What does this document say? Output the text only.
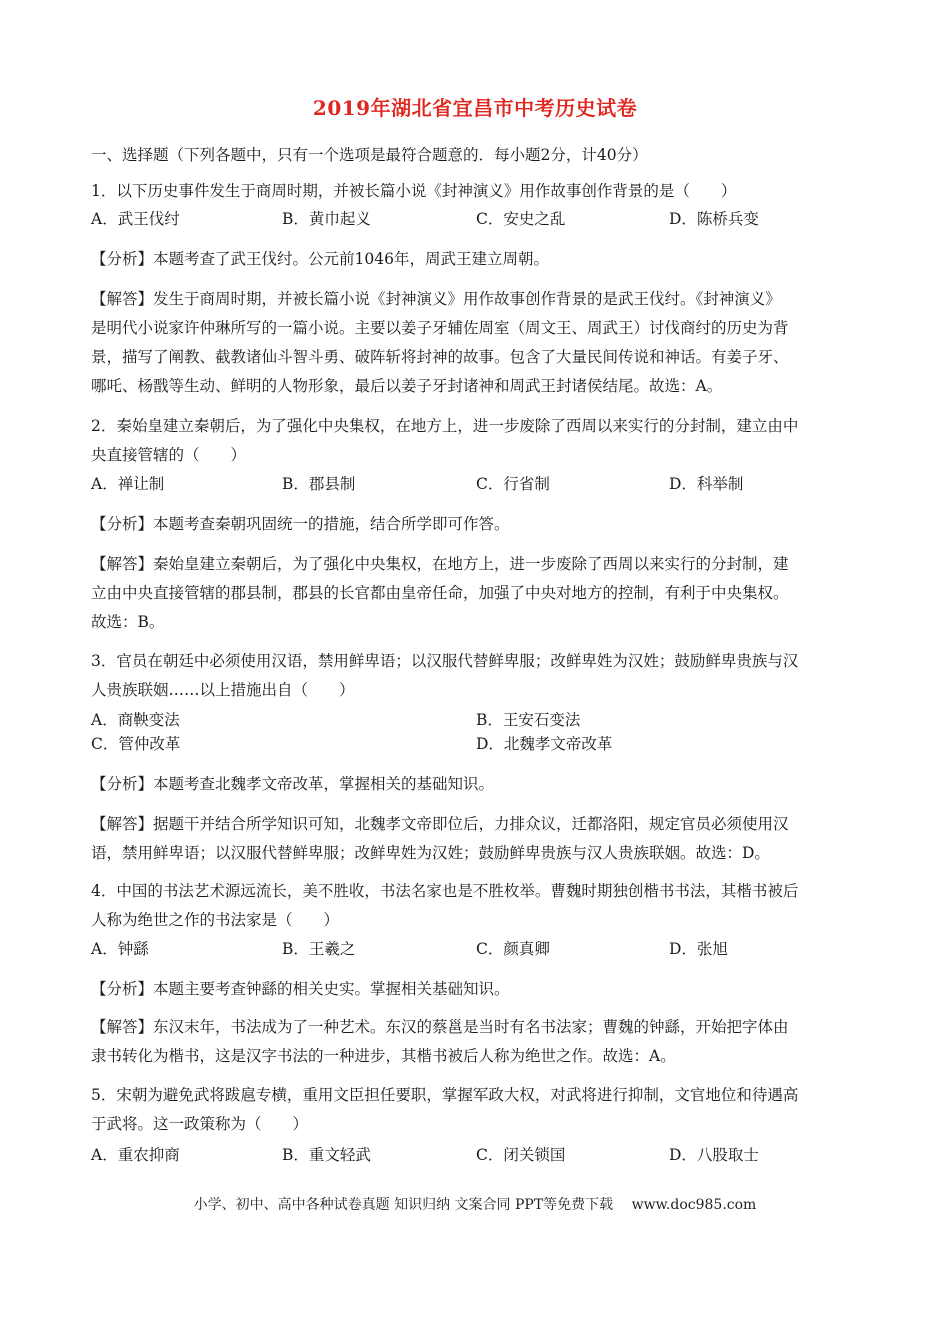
2019年湖北省宜昌市中考历史试卷
一、选择题（下列各题中，只有一个选项是最符合题意的．每小题2分，计40分）
1．以下历史事件发生于商周时期，并被长篇小说《封神演义》用作故事创作背景的是（　　）
A．武王伐纣	B．黄巾起义	C．安史之乱	D．陈桥兵变
【分析】本题考查了武王伐纣。公元前1046年，周武王建立周朝。
【解答】发生于商周时期，并被长篇小说《封神演义》用作故事创作背景的是武王伐纣。《封神演义》
是明代小说家许仲琳所写的一篇小说。主要以姜子牙辅佐周室（周文王、周武王）讨伐商纣的历史为背
景，描写了阐教、截教诸仙斗智斗勇、破阵斩将封神的故事。包含了大量民间传说和神话。有姜子牙、
哪吒、杨戬等生动、鲜明的人物形象，最后以姜子牙封诸神和周武王封诸侯结尾。故选：A。
2．秦始皇建立秦朝后，为了强化中央集权，在地方上，进一步废除了西周以来实行的分封制，建立由中
央直接管辖的（　　）
A．禅让制	B．郡县制	C．行省制	D．科举制
【分析】本题考查秦朝巩固统一的措施，结合所学即可作答。
【解答】秦始皇建立秦朝后，为了强化中央集权，在地方上，进一步废除了西周以来实行的分封制，建
立由中央直接管辖的郡县制，郡县的长官都由皇帝任命，加强了中央对地方的控制，有利于中央集权。
故选：B。
3．官员在朝廷中必须使用汉语，禁用鲜卑语；以汉服代替鲜卑服；改鲜卑姓为汉姓；鼓励鲜卑贵族与汉
人贵族联姻……以上措施出自（　　）
A．商鞅变法	B．王安石变法
C．管仲改革	D．北魏孝文帝改革
【分析】本题考查北魏孝文帝改革，掌握相关的基础知识。
【解答】据题干并结合所学知识可知，北魏孝文帝即位后，力排众议，迁都洛阳，规定官员必须使用汉
语，禁用鲜卑语；以汉服代替鲜卑服；改鲜卑姓为汉姓；鼓励鲜卑贵族与汉人贵族联姻。故选：D。
4．中国的书法艺术源远流长，美不胜收，书法名家也是不胜枚举。曹魏时期独创楷书书法，其楷书被后
人称为绝世之作的书法家是（　　）
A．钟繇	B．王羲之	C．颜真卿	D．张旭
【分析】本题主要考查钟繇的相关史实。掌握相关基础知识。
【解答】东汉末年，书法成为了一种艺术。东汉的蔡邕是当时有名书法家；曹魏的钟繇，开始把字体由
隶书转化为楷书，这是汉字书法的一种进步，其楷书被后人称为绝世之作。故选：A。
5．宋朝为避免武将跋扈专横，重用文臣担任要职，掌握军政大权，对武将进行抑制，文官地位和待遇高
于武将。这一政策称为（　　）
A．重农抑商	B．重文轻武	C．闭关锁国	D．八股取士
小学、初中、高中各种试卷真题 知识归纳 文案合同 PPT等免费下载　 www.doc985.com
